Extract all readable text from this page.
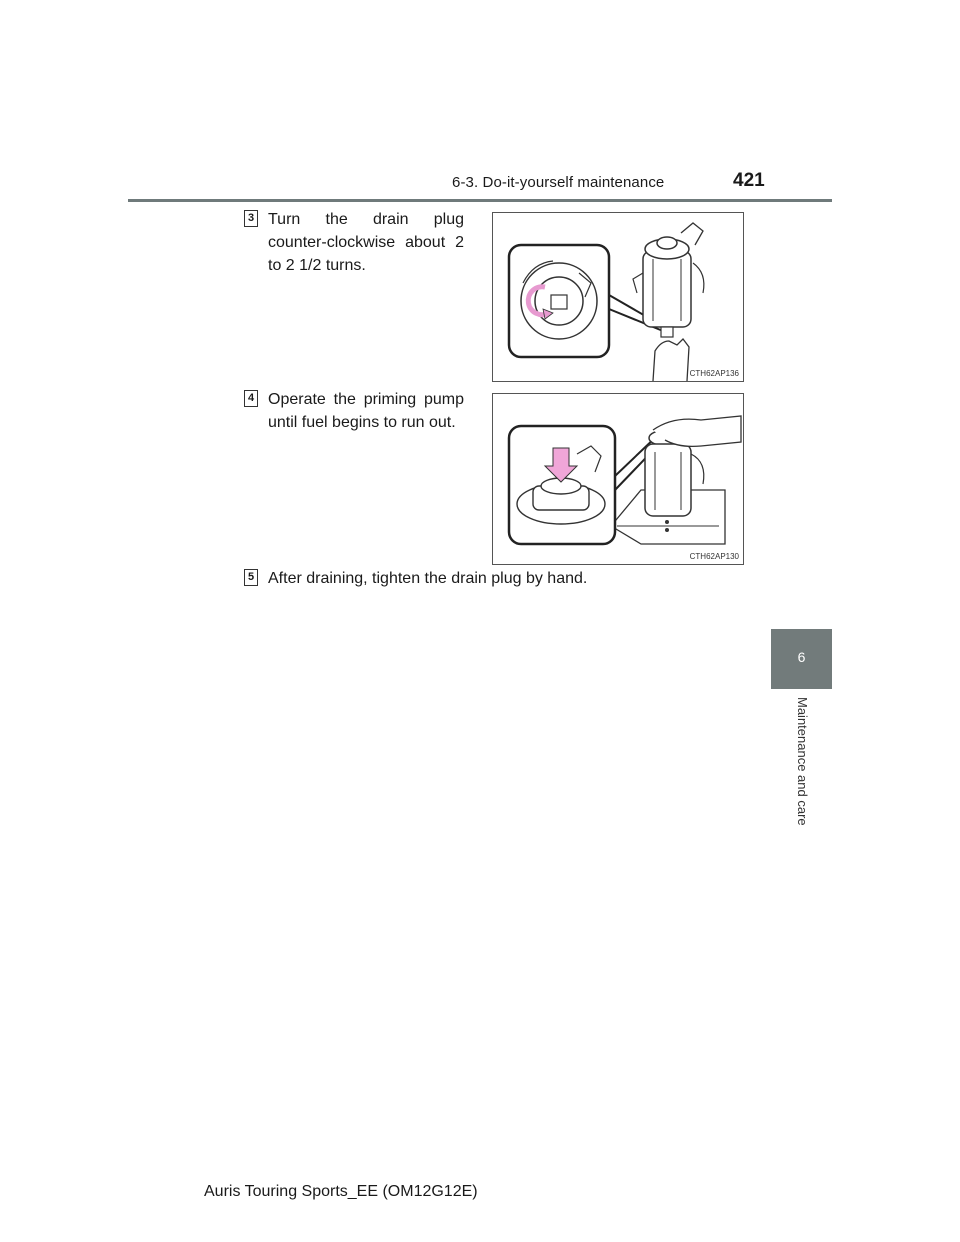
6-3. Do-it-yourself maintenance	421
6
Maintenance and care
3 Turn the drain plug counter-clockwise about 2 to 2 1/2 turns.
CTH62AP136
4 Operate the priming pump until fuel begins to run out.
CTH62AP130
5 After draining, tighten the drain plug by hand.
Auris Touring Sports_EE (OM12G12E)
